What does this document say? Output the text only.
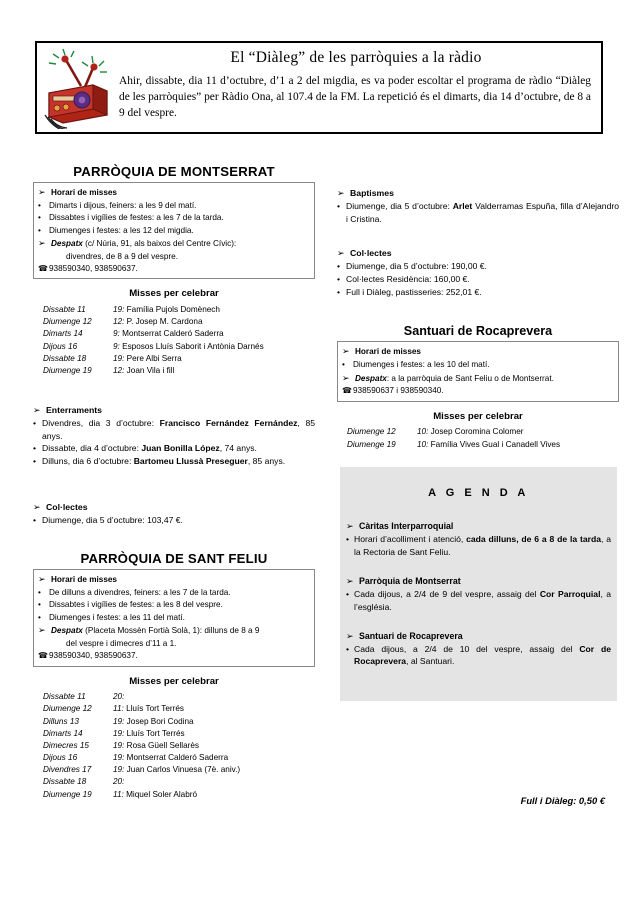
El “Diàleg” de les parròquies a la ràdio
Ahir, dissabte, dia 11 d’octubre, d’1 a 2 del migdia, es va poder escoltar el programa de ràdio “Diàleg de les parròquies” per Ràdio Ona, al 107.4 de la FM. La repetició és el dimarts, dia 14 d’octubre, de 8 a 9 del vespre.
PARRÒQUIA DE MONTSERRAT
➢ Horari de misses
• Dimarts i dijous, feiners: a les 9 del matí.
• Dissabtes i vigílies de festes: a les 7 de la tarda.
• Diumenges i festes: a les 12 del migdia.
➢ Despatx (c/ Núria, 91, als baixos del Centre Cívic):
divendres, de 8 a 9 del vespre.
☎ 938590340, 938590637.
Misses per celebrar
Dissabte 11	19: Família Pujols Domènech
Diumenge 12	12: P. Josep M. Cardona
Dimarts 14	9: Montserrat Calderó Saderra
Dijous 16	9: Esposos Lluís Saborit i Antònia Darnés
Dissabte 18	19: Pere Albi Serra
Diumenge 19	12: Joan Vila i fill
➢ Enterraments
• Divendres, dia 3 d’octubre: Francisco Fernández Fernández, 85 anys.
• Dissabte, dia 4 d’octubre: Juan Bonilla López, 74 anys.
• Dilluns, dia 6 d’octubre: Bartomeu Llussà Preseguer, 85 anys.
➢ Col·lectes
• Diumenge, dia 5 d’octubre: 103,47 €.
PARRÒQUIA DE SANT FELIU
➢ Horari de misses
• De dilluns a divendres, feiners: a les 7 de la tarda.
• Dissabtes i vigílies de festes: a les 8 del vespre.
• Diumenges i festes: a les 11 del matí.
➢ Despatx (Placeta Mossèn Fortià Solà, 1): dilluns de 8 a 9
del vespre i dimecres d’11 a 1.
☎ 938590340, 938590637.
Misses per celebrar
Dissabte 11	20:
Diumenge 12	11: Lluís Tort Terrés
Dilluns 13	19: Josep Bori Codina
Dimarts 14	19: Lluís Tort Terrés
Dimecres 15	19: Rosa Güell Sellarès
Dijous 16	19: Montserrat Calderó Saderra
Divendres 17	19: Juan Carlos Vinuesa (7è. aniv.)
Dissabte 18	20:
Diumenge 19	11: Miquel Soler Alabró
➢ Baptismes
• Diumenge, dia 5 d’octubre: Arlet Valderramas Espuña, filla d’Alejandro i Cristina.
➢ Col·lectes
• Diumenge, dia 5 d’octubre: 190,00 €.
• Col·lectes Residència: 160,00 €.
• Full i Diàleg, pastisseries: 252,01 €.
Santuari de Rocaprevera
➢ Horari de misses
• Diumenges i festes: a les 10 del matí.
➢ Despatx: a la parròquia de Sant Feliu o de Montserrat.
☎ 938590637 i 938590340.
Misses per celebrar
Diumenge 12	10: Josep Coromina Colomer
Diumenge 19	10: Família Vives Gual i Canadell Vives
A G E N D A
➢ Càritas Interparroquial
• Horari d’acolliment i atenció, cada dilluns, de 6 a 8 de la tarda, a la Rectoria de Sant Feliu.
➢ Parròquia de Montserrat
• Cada dijous, a 2/4 de 9 del vespre, assaig del Cor Parroquial, a l’església.
➢ Santuari de Rocaprevera
• Cada dijous, a 2/4 de 10 del vespre, assaig del Cor de Rocaprevera, al Santuari.
Full i Diàleg: 0,50 €
